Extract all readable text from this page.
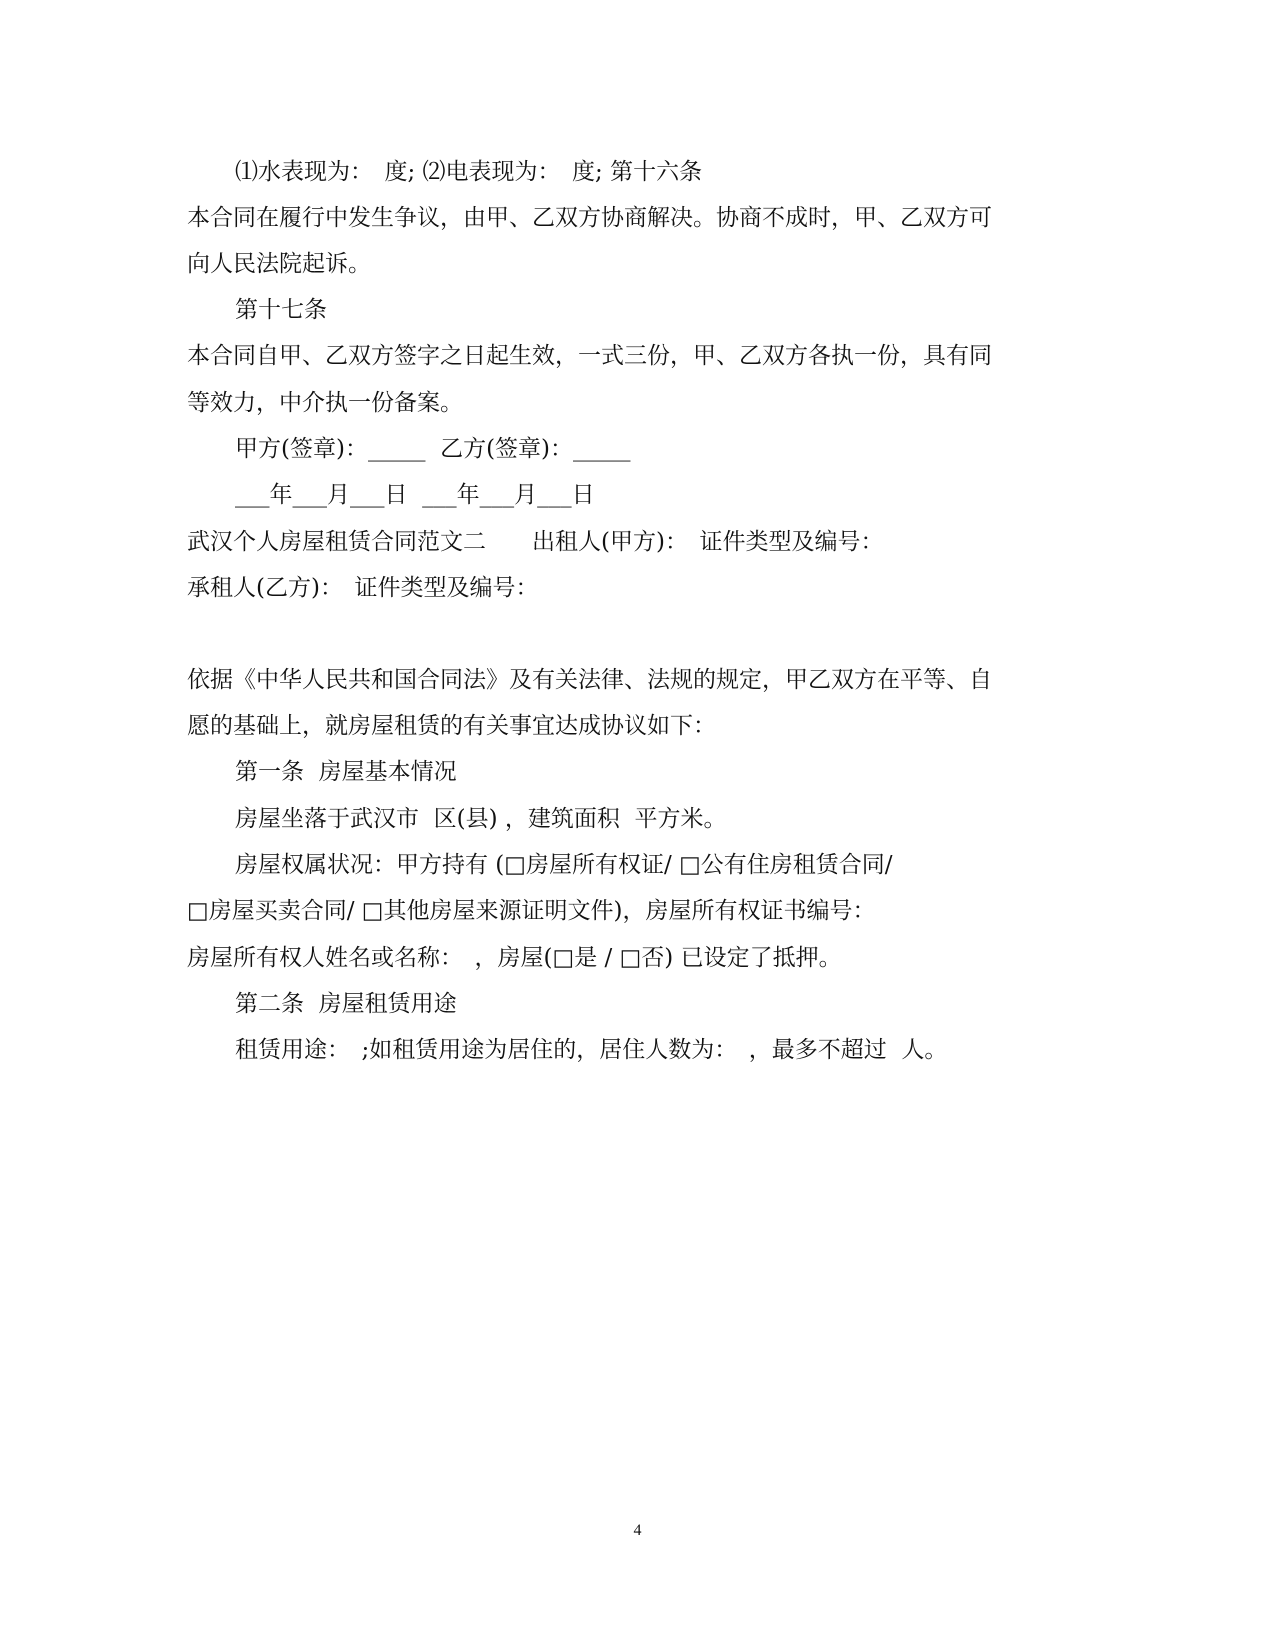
⑴水表现为：　度; ⑵电表现为：　度; 第十六条
本合同在履行中发生争议，由甲、乙双方协商解决。协商不成时，甲、乙双方可
向人民法院起诉。
第十七条
本合同自甲、乙双方签字之日起生效，一式三份，甲、乙双方各执一份，具有同
等效力，中介执一份备案。
甲方(签章)：_____  乙方(签章)：_____
___年___月___日  ___年___月___日
武汉个人房屋租赁合同范文二　　出租人(甲方)：　证件类型及编号：
承租人(乙方)：　证件类型及编号：
依据《中华人民共和国合同法》及有关法律、法规的规定，甲乙双方在平等、自
愿的基础上，就房屋租赁的有关事宜达成协议如下：
第一条  房屋基本情况
房屋坐落于武汉市  区(县) ，建筑面积  平方米。
房屋权属状况：甲方持有 (□房屋所有权证/ □公有住房租赁合同/
□房屋买卖合同/ □其他房屋来源证明文件)，房屋所有权证书编号：
房屋所有权人姓名或名称：　，房屋(□是 / □否) 已设定了抵押。
第二条  房屋租赁用途
租赁用途：　;如租赁用途为居住的，居住人数为：　，最多不超过  人。
4
